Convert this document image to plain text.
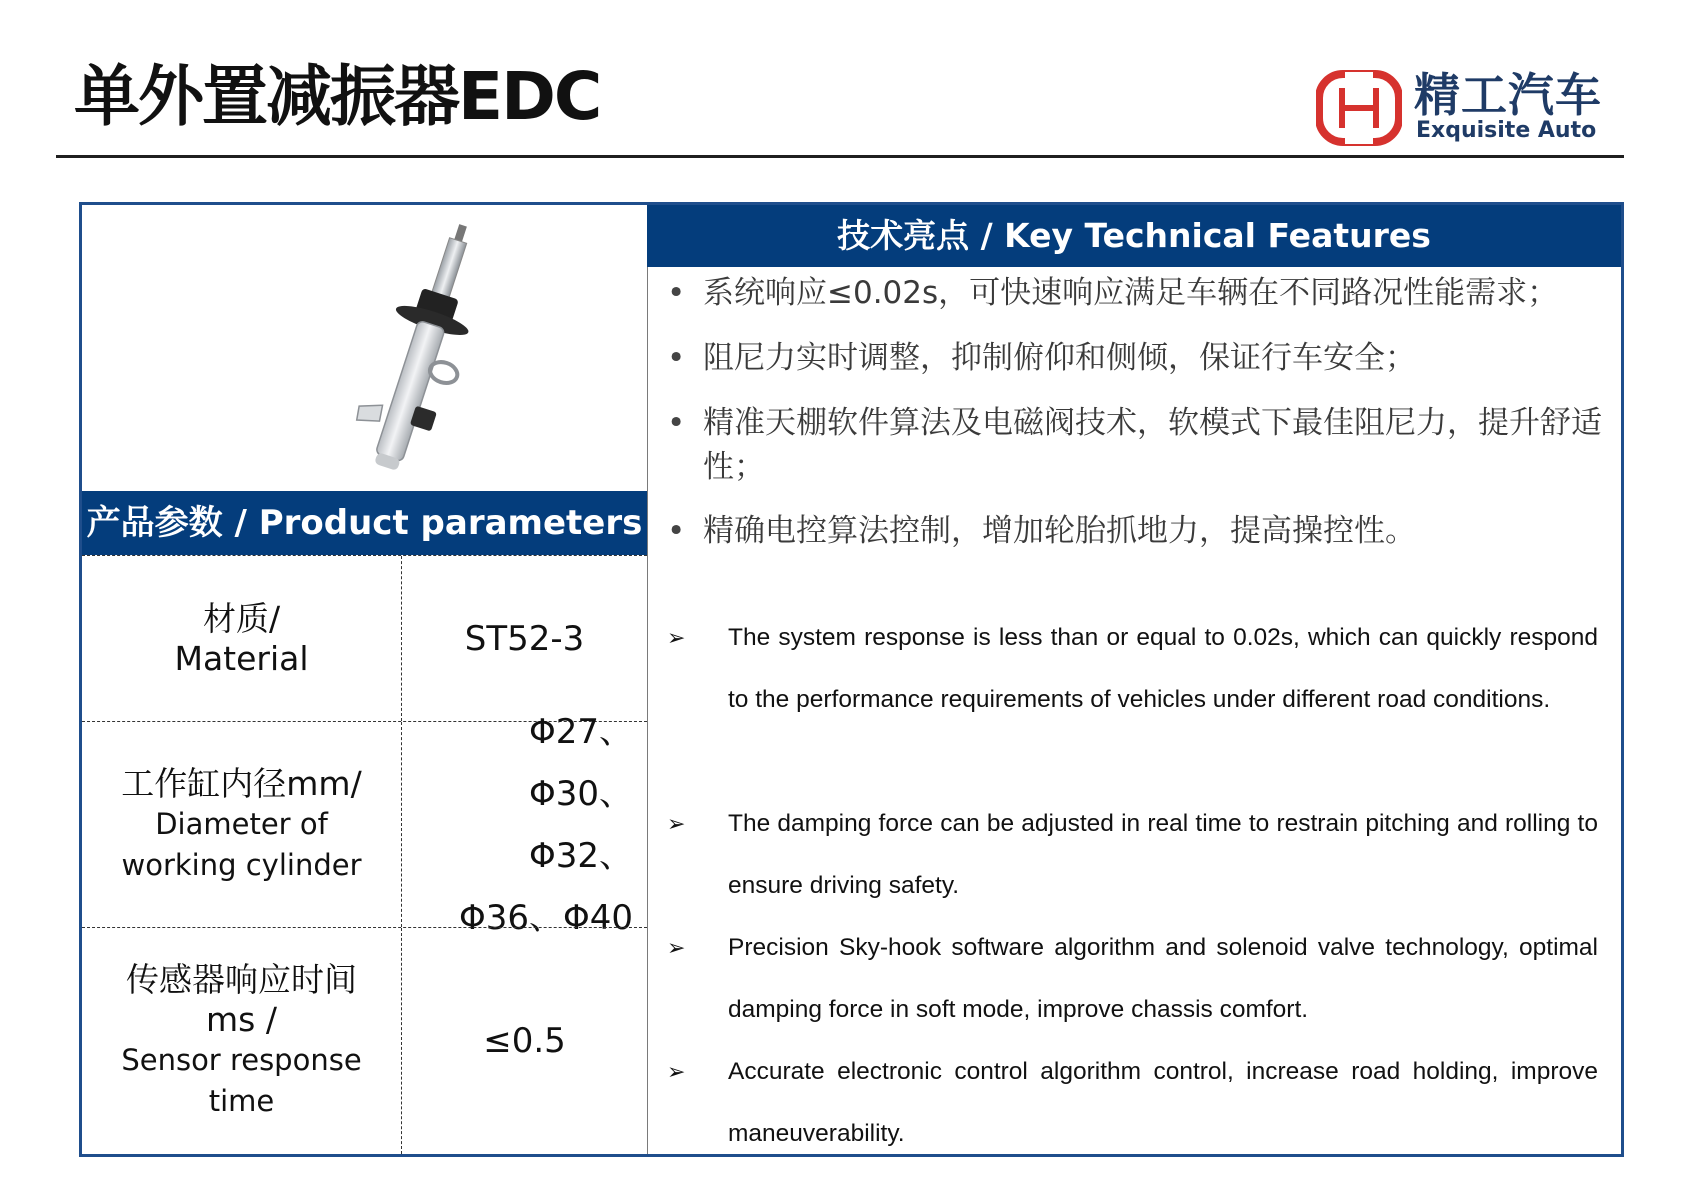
单外置减振器EDC	精工汽车
Exquisite Auto
产品参数 / Product parameters
材质/
Material	ST52-3
工作缸内径mm/
Diameter of working cylinder
Φ27、Φ30、Φ32、Φ36、Φ40
传感器响应时间ms /
Sensor response time
≤0.5
技术亮点 / Key Technical Features
• 系统响应≤0.02s，可快速响应满足车辆在不同路况性能需求；
• 阻尼力实时调整，抑制俯仰和侧倾，保证行车安全；
• 精准天棚软件算法及电磁阀技术，软模式下最佳阻尼力，提升舒适性；
• 精确电控算法控制，增加轮胎抓地力，提高操控性。
➢ The system response is less than or equal to 0.02s, which can quickly respond to the performance requirements of vehicles under different road conditions.
➢ The damping force can be adjusted in real time to restrain pitching and rolling to ensure driving safety.
➢ Precision Sky-hook software algorithm and solenoid valve technology, optimal damping force in soft mode, improve chassis comfort.
➢ Accurate electronic control algorithm control, increase road holding, improve maneuverability.
